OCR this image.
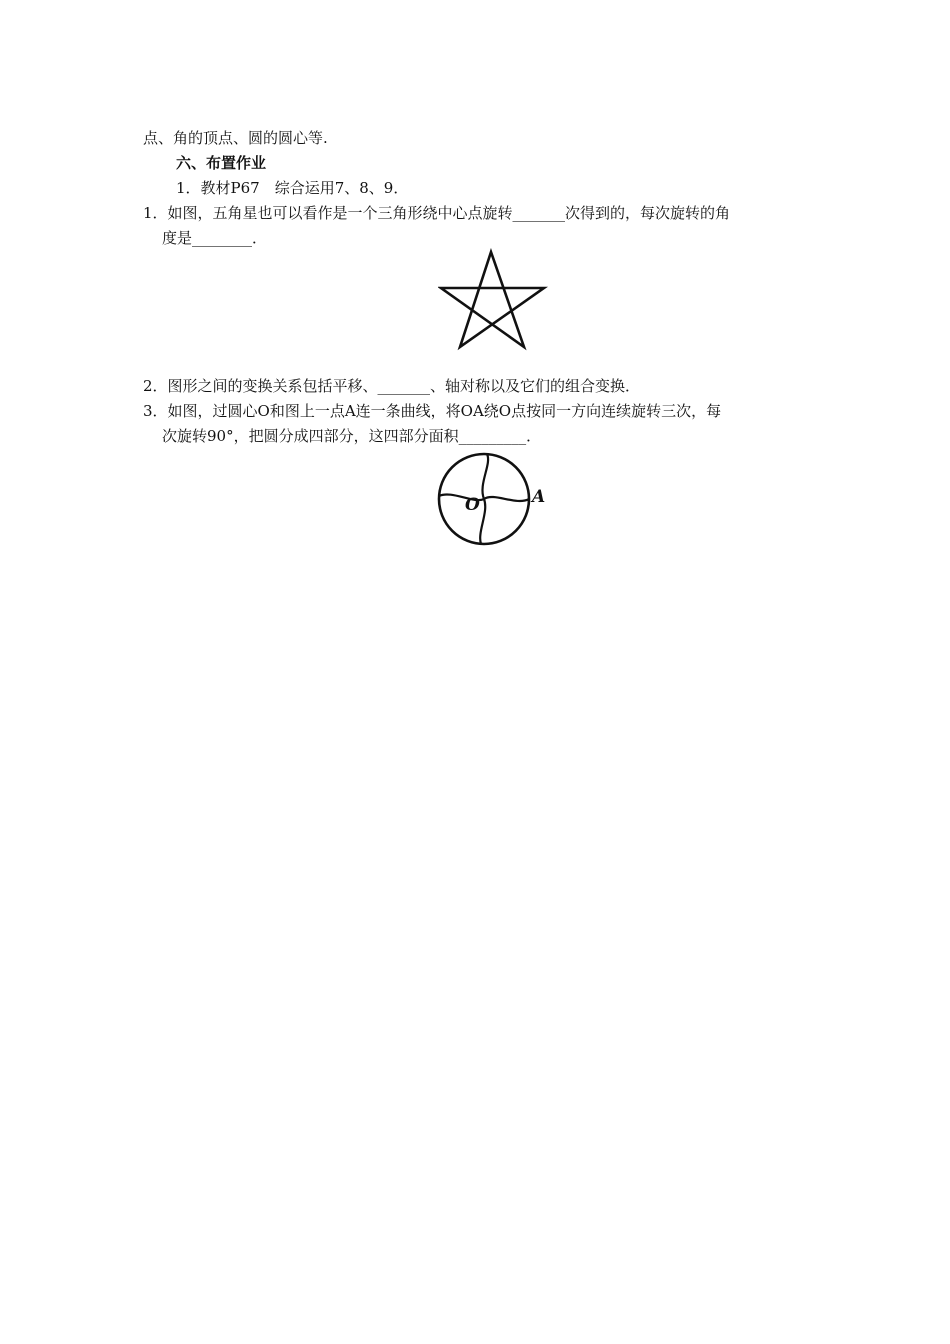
点、角的顶点、圆的圆心等.
六、布置作业
1．教材P67　综合运用7、8、9．
1．如图，五角星也可以看作是一个三角形绕中心点旋转_______次得到的，每次旋转的角
度是________．
2．图形之间的变换关系包括平移、_______、轴对称以及它们的组合变换．
3．如图，过圆心O和图上一点A连一条曲线，将OA绕O点按同一方向连续旋转三次，每
次旋转90°，把圆分成四部分，这四部分面积_________．
O	A
